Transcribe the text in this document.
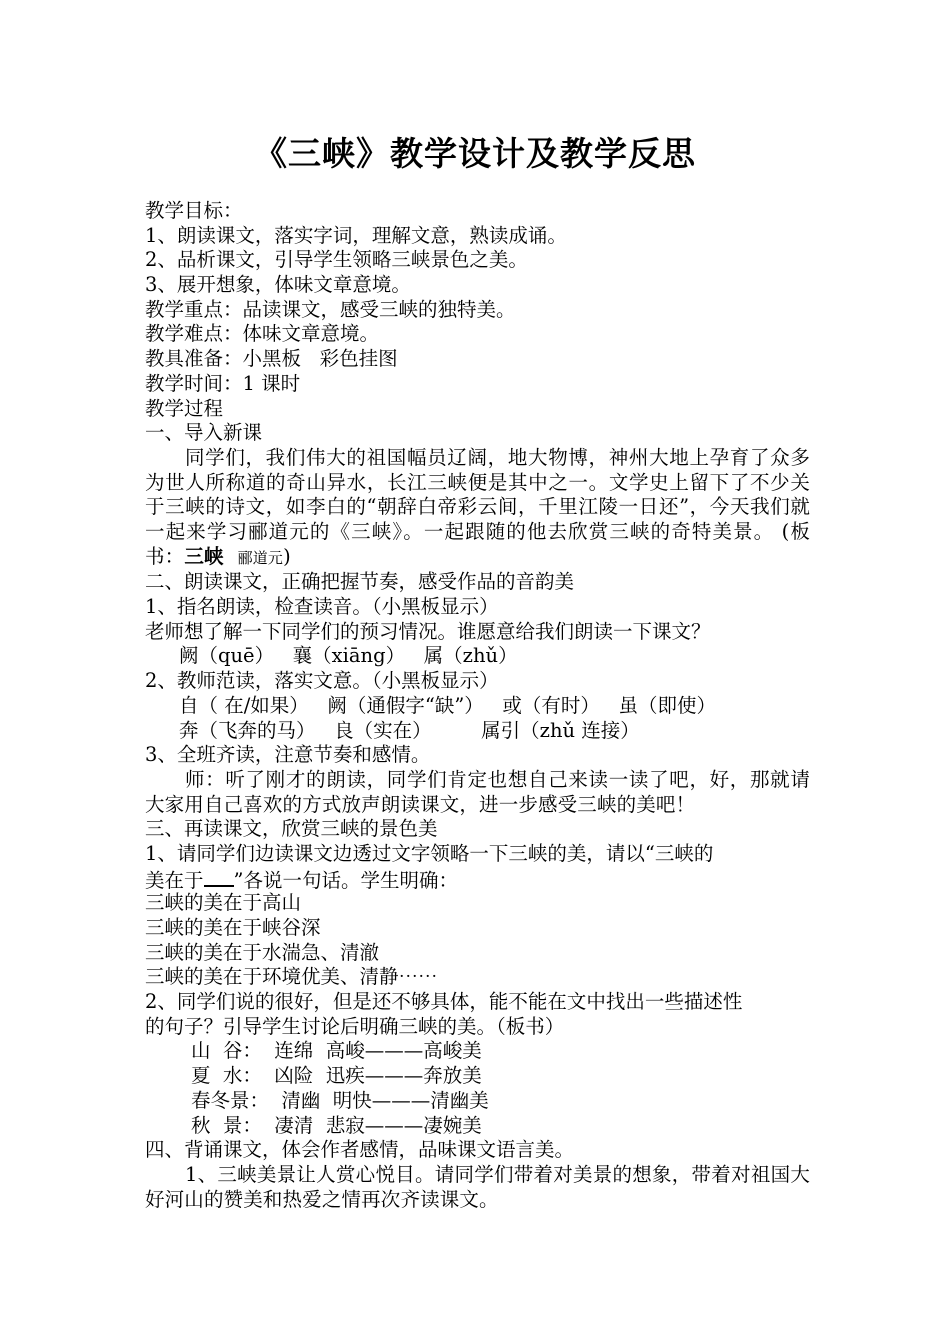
《三峡》教学设计及教学反思
教学目标：
1、朗读课文，落实字词，理解文意，熟读成诵。
2、品析课文，引导学生领略三峡景色之美。
3、展开想象，体味文章意境。
教学重点：品读课文，感受三峡的独特美。
教学难点：体味文章意境。
教具准备：小黑板   彩色挂图
教学时间：1 课时
教学过程
一、导入新课
同学们，我们伟大的祖国幅员辽阔，地大物博，神州大地上孕育了众多为世人所称道的奇山异水，长江三峡便是其中之一。文学史上留下了不少关于三峡的诗文，如李白的“朝辞白帝彩云间，千里江陵一日还”，今天我们就一起来学习郦道元的《三峡》。一起跟随的他去欣赏三峡的奇特美景。 (板书：三峡 郦道元)
二、朗读课文，正确把握节奏，感受作品的音韵美
1、指名朗读，检查读音。（小黑板显示）
老师想了解一下同学们的预习情况。谁愿意给我们朗读一下课文？
阙（quē）   襄（xiāng）   属（zhǔ）
2、教师范读，落实文意。（小黑板显示）
自（ 在/如果）   阙（通假字“缺”）   或（有时）   虽（即使）
奔（飞奔的马）   良（实在）        属引（zhǔ 连接）
3、全班齐读，注意节奏和感情。
师：听了刚才的朗读，同学们肯定也想自己来读一读了吧，好，那就请大家用自己喜欢的方式放声朗读课文，进一步感受三峡的美吧！
三、再读课文，欣赏三峡的景色美
1、请同学们边读课文边透过文字领略一下三峡的美，请以“三峡的
美在于 ”各说一句话。学生明确：
三峡的美在于高山
三峡的美在于峡谷深
三峡的美在于水湍急、清澈
三峡的美在于环境优美、清静⋯⋯
2、同学们说的很好，但是还不够具体，能不能在文中找出一些描述性
的句子？引导学生讨论后明确三峡的美。（板书）
山  谷：  连绵  高峻———高峻美
夏  水：  凶险  迅疾———奔放美
春冬景：  清幽  明快———清幽美
秋  景：  凄清  悲寂———凄婉美
四、背诵课文，体会作者感情，品味课文语言美。
1、三峡美景让人赏心悦目。请同学们带着对美景的想象，带着对祖国大好河山的赞美和热爱之情再次齐读课文。
